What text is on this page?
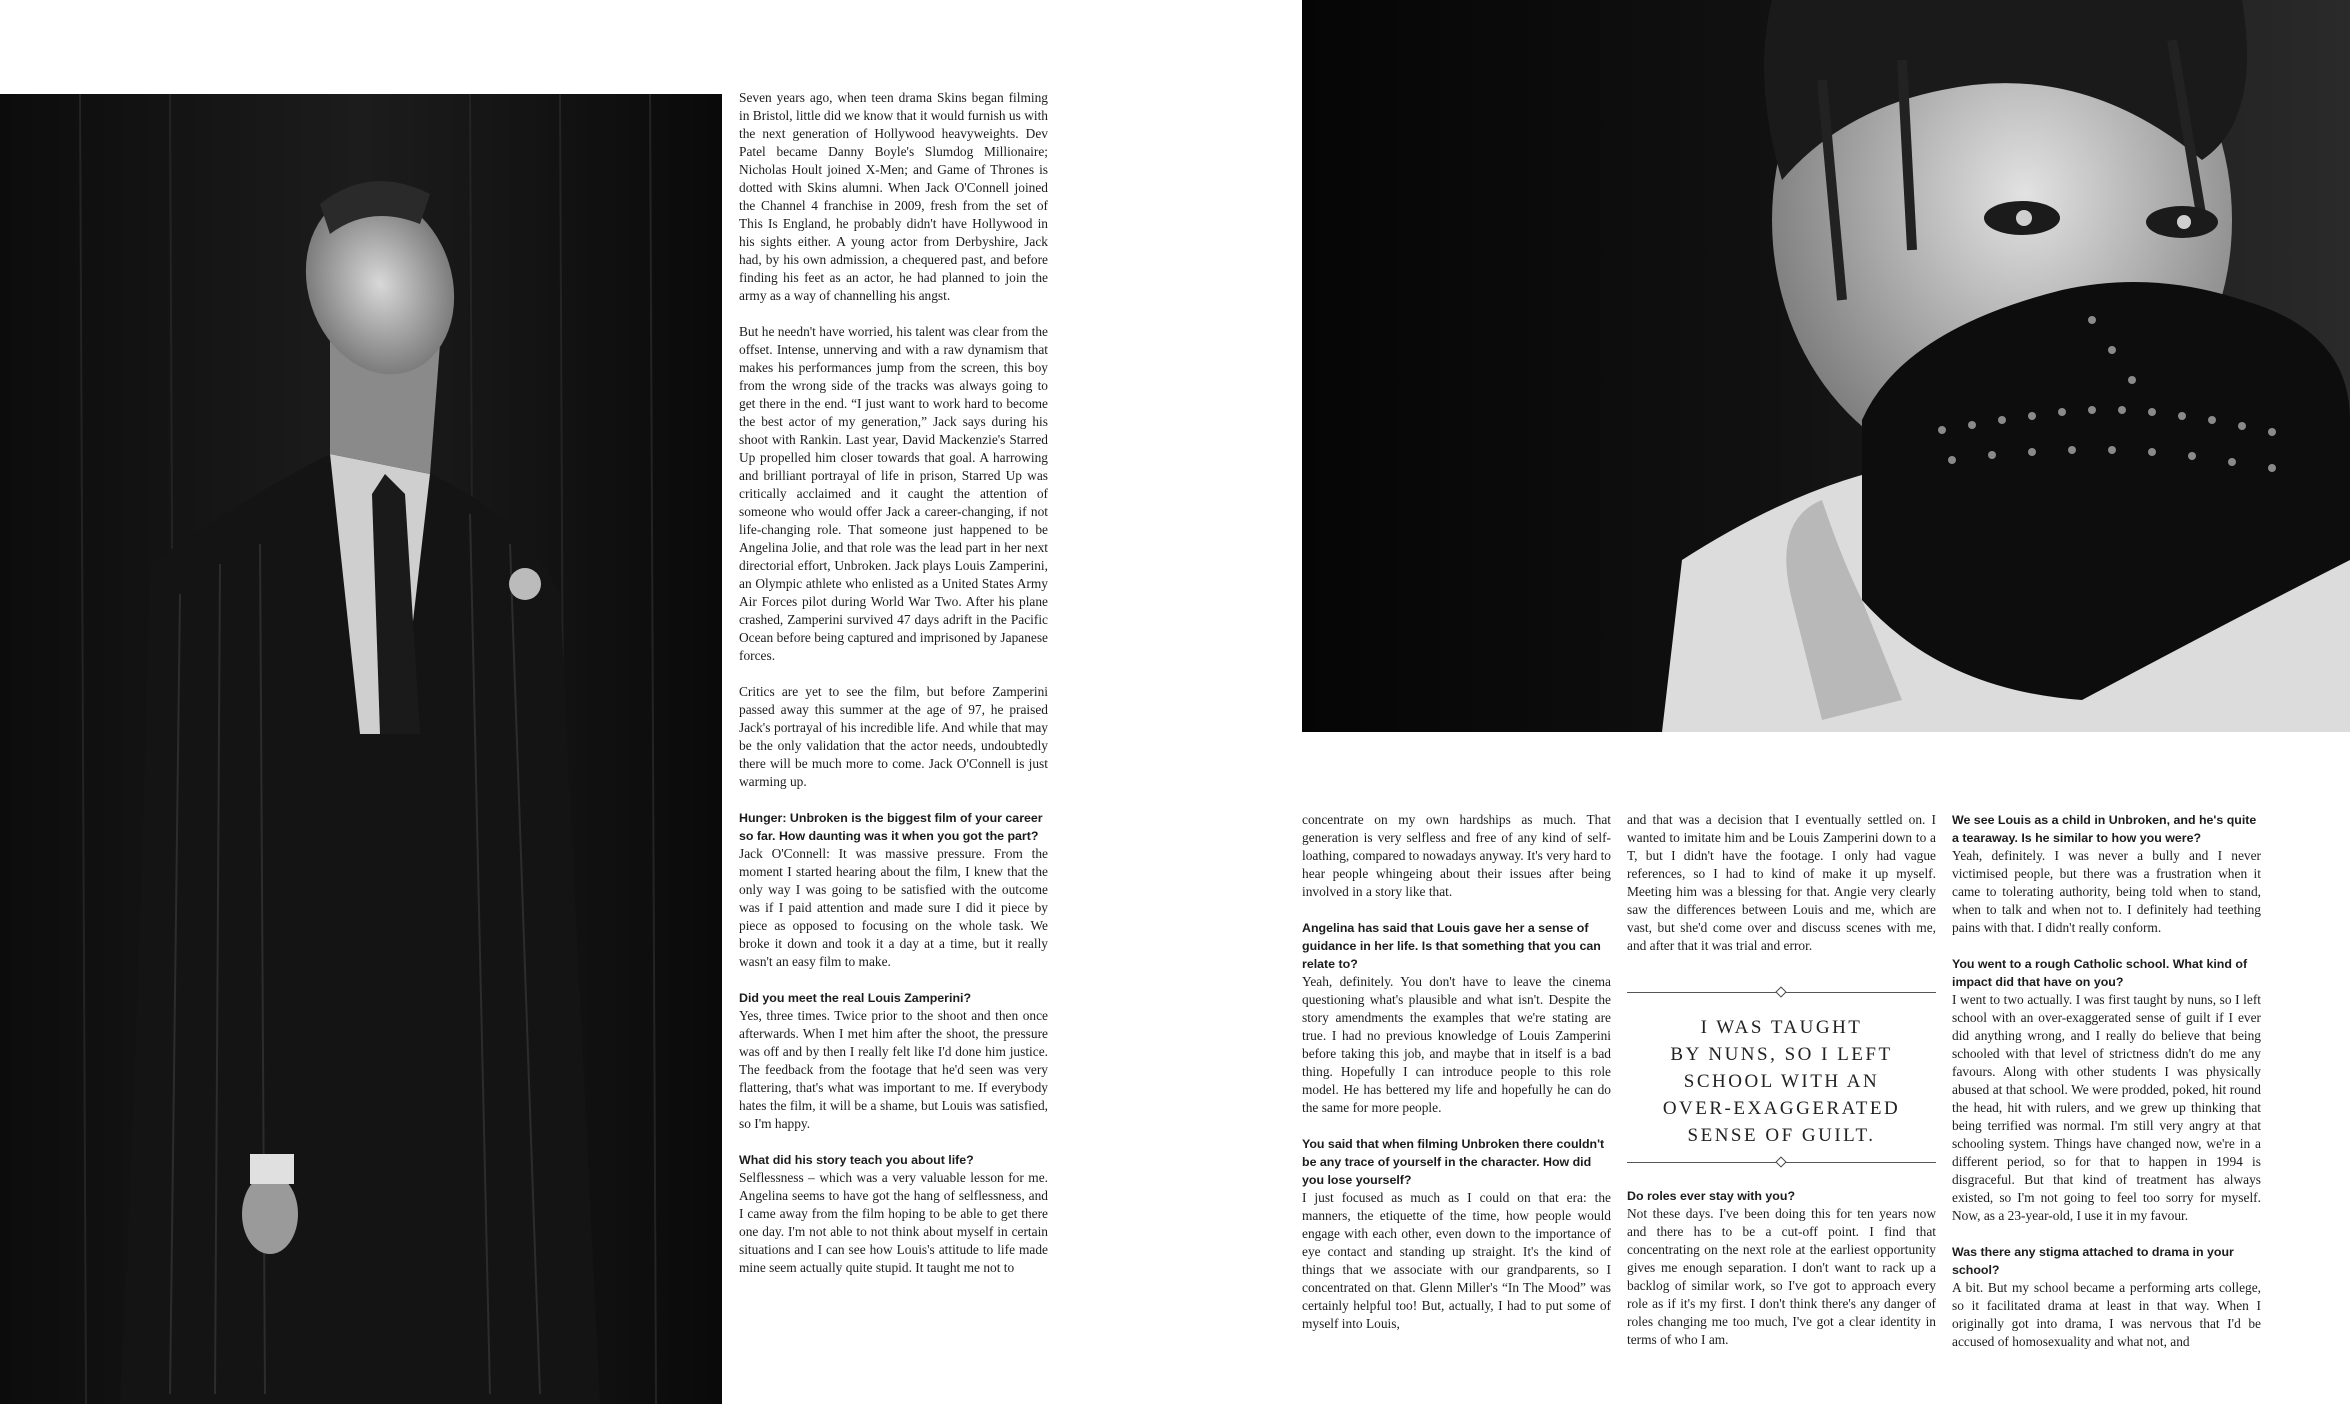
Seven years ago, when teen drama Skins began filming in Bristol, little did we know that it would furnish us with the next generation of Hollywood heavyweights. Dev Patel became Danny Boyle's Slumdog Millionaire; Nicholas Hoult joined X-Men; and Game of Thrones is dotted with Skins alumni. When Jack O'Connell joined the Channel 4 franchise in 2009, fresh from the set of This Is England, he probably didn't have Hollywood in his sights either. A young actor from Derbyshire, Jack had, by his own admission, a chequered past, and before finding his feet as an actor, he had planned to join the army as a way of channelling his angst.

But he needn't have worried, his talent was clear from the offset. Intense, unnerving and with a raw dynamism that makes his performances jump from the screen, this boy from the wrong side of the tracks was always going to get there in the end. “I just want to work hard to become the best actor of my generation,” Jack says during his shoot with Rankin. Last year, David Mackenzie's Starred Up propelled him closer towards that goal. A harrowing and brilliant portrayal of life in prison, Starred Up was critically acclaimed and it caught the attention of someone who would offer Jack a career-changing, if not life-changing role. That someone just happened to be Angelina Jolie, and that role was the lead part in her next directorial effort, Unbroken. Jack plays Louis Zamperini, an Olympic athlete who enlisted as a United States Army Air Forces pilot during World War Two. After his plane crashed, Zamperini survived 47 days adrift in the Pacific Ocean before being captured and imprisoned by Japanese forces.

Critics are yet to see the film, but before Zamperini passed away this summer at the age of 97, he praised Jack's portrayal of his incredible life. And while that may be the only validation that the actor needs, undoubtedly there will be much more to come. Jack O'Connell is just warming up.

Hunger: Unbroken is the biggest film of your career so far. How daunting was it when you got the part?
Jack O'Connell: It was massive pressure. From the moment I started hearing about the film, I knew that the only way I was going to be satisfied with the outcome was if I paid attention and made sure I did it piece by piece as opposed to focusing on the whole task. We broke it down and took it a day at a time, but it really wasn't an easy film to make.

Did you meet the real Louis Zamperini?
Yes, three times. Twice prior to the shoot and then once afterwards. When I met him after the shoot, the pressure was off and by then I really felt like I'd done him justice. The feedback from the footage that he'd seen was very flattering, that's what was important to me. If everybody hates the film, it will be a shame, but Louis was satisfied, so I'm happy.

What did his story teach you about life?
Selflessness – which was a very valuable lesson for me. Angelina seems to have got the hang of selflessness, and I came away from the film hoping to be able to get there one day. I'm not able to not think about myself in certain situations and I can see how Louis's attitude to life made mine seem actually quite stupid. It taught me not to

concentrate on my own hardships as much. That generation is very selfless and free of any kind of self-loathing, compared to nowadays anyway. It's very hard to hear people whingeing about their issues after being involved in a story like that.

Angelina has said that Louis gave her a sense of guidance in her life. Is that something that you can relate to?
Yeah, definitely. You don't have to leave the cinema questioning what's plausible and what isn't. Despite the story amendments the examples that we're stating are true. I had no previous knowledge of Louis Zamperini before taking this job, and maybe that in itself is a bad thing. Hopefully I can introduce people to this role model. He has bettered my life and hopefully he can do the same for more people.

You said that when filming Unbroken there couldn't be any trace of yourself in the character. How did you lose yourself?
I just focused as much as I could on that era: the manners, the etiquette of the time, how people would engage with each other, even down to the importance of eye contact and standing up straight. It's the kind of things that we associate with our grandparents, so I concentrated on that. Glenn Miller's “In The Mood” was certainly helpful too! But, actually, I had to put some of myself into Louis,

and that was a decision that I eventually settled on. I wanted to imitate him and be Louis Zamperini down to a T, but I didn't have the footage. I only had vague references, so I had to kind of make it up myself. Meeting him was a blessing for that. Angie very clearly saw the differences between Louis and me, which are vast, but she'd come over and discuss scenes with me, and after that it was trial and error.

I WAS TAUGHT
BY NUNS, SO I LEFT
SCHOOL WITH AN
OVER-EXAGGERATED
SENSE OF GUILT.

Do roles ever stay with you?
Not these days. I've been doing this for ten years now and there has to be a cut-off point. I find that concentrating on the next role at the earliest opportunity gives me enough separation. I don't want to rack up a backlog of similar work, so I've got to approach every role as if it's my first. I don't think there's any danger of roles changing me too much, I've got a clear identity in terms of who I am.

We see Louis as a child in Unbroken, and he's quite a tearaway. Is he similar to how you were?
Yeah, definitely. I was never a bully and I never victimised people, but there was a frustration when it came to tolerating authority, being told when to stand, when to talk and when not to. I definitely had teething pains with that. I didn't really conform.

You went to a rough Catholic school. What kind of impact did that have on you?
I went to two actually. I was first taught by nuns, so I left school with an over-exaggerated sense of guilt if I ever did anything wrong, and I really do believe that being schooled with that level of strictness didn't do me any favours. Along with other students I was physically abused at that school. We were prodded, poked, hit round the head, hit with rulers, and we grew up thinking that being terrified was normal. I'm still very angry at that schooling system. Things have changed now, we're in a different period, so for that to happen in 1994 is disgraceful. But that kind of treatment has always existed, so I'm not going to feel too sorry for myself. Now, as a 23-year-old, I use it in my favour.

Was there any stigma attached to drama in your school?
A bit. But my school became a performing arts college, so it facilitated drama at least in that way. When I originally got into drama, I was nervous that I'd be accused of homosexuality and what not, and
